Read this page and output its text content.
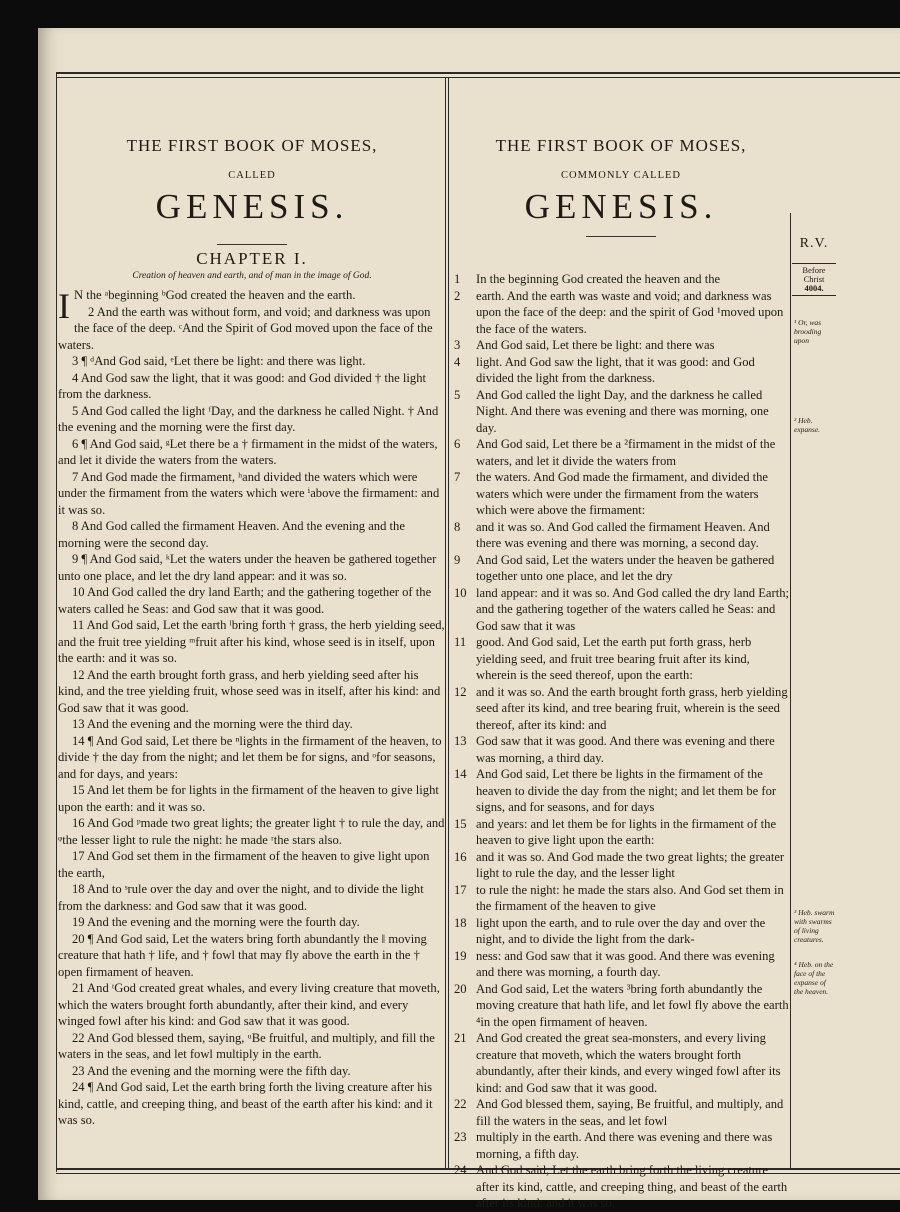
THE FIRST BOOK OF MOSES,
CALLED
GENESIS.
CHAPTER I.
Creation of heaven and earth, and of man in the image of God.

I N the ᵃbeginning ᵇGod created the heaven and the earth.

2 And the earth was without form, and void; and darkness was upon the face of the deep. ᶜAnd the Spirit of God moved upon the face of the waters.

3 ¶ ᵈAnd God said, ᵉLet there be light: and there was light.

4 And God saw the light, that it was good: and God divided † the light from the darkness.

5 And God called the light ᶠDay, and the darkness he called Night. † And the evening and the morning were the first day.

6 ¶ And God said, ᵍLet there be a † firmament in the midst of the waters, and let it divide the waters from the waters.

7 And God made the firmament, ʰand divided the waters which were under the firmament from the waters which were ⁱabove the firmament: and it was so.

8 And God called the firmament Heaven. And the evening and the morning were the second day.

9 ¶ And God said, ᵏLet the waters under the heaven be gathered together unto one place, and let the dry land appear: and it was so.

10 And God called the dry land Earth; and the gathering together of the waters called he Seas: and God saw that it was good.

11 And God said, Let the earth ˡbring forth † grass, the herb yielding seed, and the fruit tree yielding ᵐfruit after his kind, whose seed is in itself, upon the earth: and it was so.

12 And the earth brought forth grass, and herb yielding seed after his kind, and the tree yielding fruit, whose seed was in itself, after his kind: and God saw that it was good.

13 And the evening and the morning were the third day.

14 ¶ And God said, Let there be ⁿlights in the firmament of the heaven, to divide † the day from the night; and let them be for signs, and ᵒfor seasons, and for days, and years:

15 And let them be for lights in the firmament of the heaven to give light upon the earth: and it was so.

16 And God ᵖmade two great lights; the greater light † to rule the day, and ᵠthe lesser light to rule the night: he made ʳthe stars also.

17 And God set them in the firmament of the heaven to give light upon the earth,

18 And to ˢrule over the day and over the night, and to divide the light from the darkness: and God saw that it was good.

19 And the evening and the morning were the fourth day.

20 ¶ And God said, Let the waters bring forth abundantly the ‖ moving creature that hath † life, and † fowl that may fly above the earth in the † open firmament of heaven.

21 And ᵗGod created great whales, and every living creature that moveth, which the waters brought forth abundantly, after their kind, and every winged fowl after his kind: and God saw that it was good.

22 And God blessed them, saying, ᵘBe fruitful, and multiply, and fill the waters in the seas, and let fowl multiply in the earth.

23 And the evening and the morning were the fifth day.

24 ¶ And God said, Let the earth bring forth the living creature after his kind, cattle, and creeping thing, and beast of the earth after his kind: and it was so.

THE FIRST BOOK OF MOSES,
COMMONLY CALLED
GENESIS.

1 In the beginning God created the heaven and the

2 earth. And the earth was waste and void; and darkness was upon the face of the deep: and the spirit of God ¹moved upon the face of the waters.

3 And God said, Let there be light: and there was

4 light. And God saw the light, that it was good: and God divided the light from the darkness.

5 And God called the light Day, and the darkness he called Night. And there was evening and there was morning, one day.

6 And God said, Let there be a ²firmament in the midst of the waters, and let it divide the waters from

7 the waters. And God made the firmament, and divided the waters which were under the firmament from the waters which were above the firmament:

8 and it was so. And God called the firmament Heaven. And there was evening and there was morning, a second day.

9 And God said, Let the waters under the heaven be gathered together unto one place, and let the dry

10 land appear: and it was so. And God called the dry land Earth; and the gathering together of the waters called he Seas: and God saw that it was

11 good. And God said, Let the earth put forth grass, herb yielding seed, and fruit tree bearing fruit after its kind, wherein is the seed thereof, upon the earth:

12 and it was so. And the earth brought forth grass, herb yielding seed after its kind, and tree bearing fruit, wherein is the seed thereof, after its kind: and

13 God saw that it was good. And there was evening and there was morning, a third day.

14 And God said, Let there be lights in the firmament of the heaven to divide the day from the night; and let them be for signs, and for seasons, and for days

15 and years: and let them be for lights in the firmament of the heaven to give light upon the earth:

16 and it was so. And God made the two great lights; the greater light to rule the day, and the lesser light

17 to rule the night: he made the stars also. And God set them in the firmament of the heaven to give

18 light upon the earth, and to rule over the day and over the night, and to divide the light from the dark-

19 ness: and God saw that it was good. And there was evening and there was morning, a fourth day.

20 And God said, Let the waters ³bring forth abundantly the moving creature that hath life, and let fowl fly above the earth ⁴in the open firmament of heaven.

21 And God created the great sea-monsters, and every living creature that moveth, which the waters brought forth abundantly, after their kinds, and every winged fowl after its kind: and God saw that it was good.

22 And God blessed them, saying, Be fruitful, and multiply, and fill the waters in the seas, and let fowl

23 multiply in the earth. And there was evening and there was morning, a fifth day.

24 And God said, Let the earth bring forth the living creature after its kind, cattle, and creeping thing, and beast of the earth after its kind: and it was so.

R.V.
Before Christ
4004.
¹ Or, was brooding upon
² Heb. expanse.
³ Heb. swarm with swarms of living creatures.
⁴ Heb. on the face of the expanse of the heaven.
